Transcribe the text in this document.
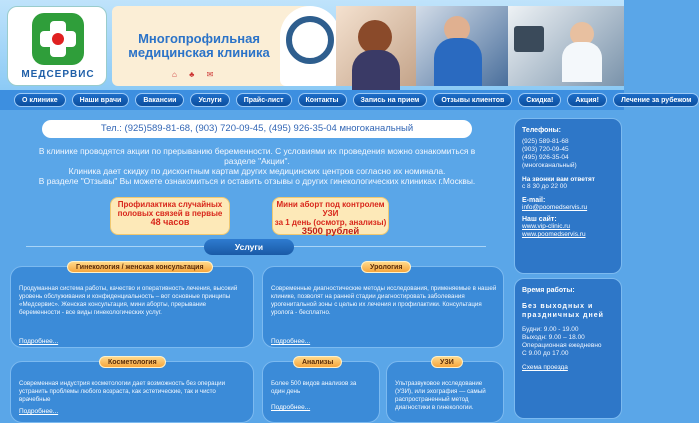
МЕДСЕРВИС
Многопрофильная
медицинская клиника
⌂ ♣ ✉
О клинике	Наши врачи	Вакансии	Услуги	Прайс-лист	Контакты	Запись на прием	Отзывы клиентов	Скидка!	Акция!	Лечение за рубежом
Тел.: (925)589-81-68, (903) 720-09-45, (495) 926-35-04 многоканальный
В клинике проводятся акции по прерыванию беременности. С условиями их проведения можно ознакомиться в
разделе "Акции".
Клиника дает скидку по дисконтным картам других медицинских центров согласно их номинала.
В разделе "Отзывы" Вы можете ознакомиться и оставить отзывы о других гинекологических клиниках г.Москвы.
Профилактика случайных
половых связей в первые
48 часов
Мини аборт под контролем УЗИ
за 1 день (осмотр, анализы)
3500 рублей
Услуги
Гинекология / женская консультация
Продуманная система работы, качество и оперативность лечения, высокий уровень обслуживания и конфиденциальность – вот основные принципы «Медсервис». Женская консультация, мини аборты, прерывание беременности - все виды гинекологических услуг.
Подробнее...
Урология
Современные диагностические методы исследования, применяемые в нашей клинике, позволят на ранней стадии диагностировать заболевания урогенитальной зоны с целью их лечения и профилактики. Консультация уролога - бесплатно.
Подробнее...
Косметология
Современная индустрия косметологии дает возможность без операции устранить проблемы любого возраста, как эстетические, так и чисто врачебные
Подробнее...
Анализы
Более 500 видов анализов за один день
Подробнее...
УЗИ
Ультразвуковое исследование (УЗИ), или эхография — самый распространенный метод диагностики в гинекологии.
Телефоны:
(925) 589-81-68
(903) 720-09-45
(495) 926-35-04
(многоканальный)
На звонки вам ответят
с 8 30 до 22 00
E-mail:
info@poomedservis.ru
Наш сайт:
www.vip-clinic.ru
www.poomedservis.ru
Время работы:
Без выходных и праздничных дней
Будни: 9.00 - 19.00
Выходн: 9.00 – 18.00
Операционная ежедневно
С 9.00 до 17.00
Схема проезда
